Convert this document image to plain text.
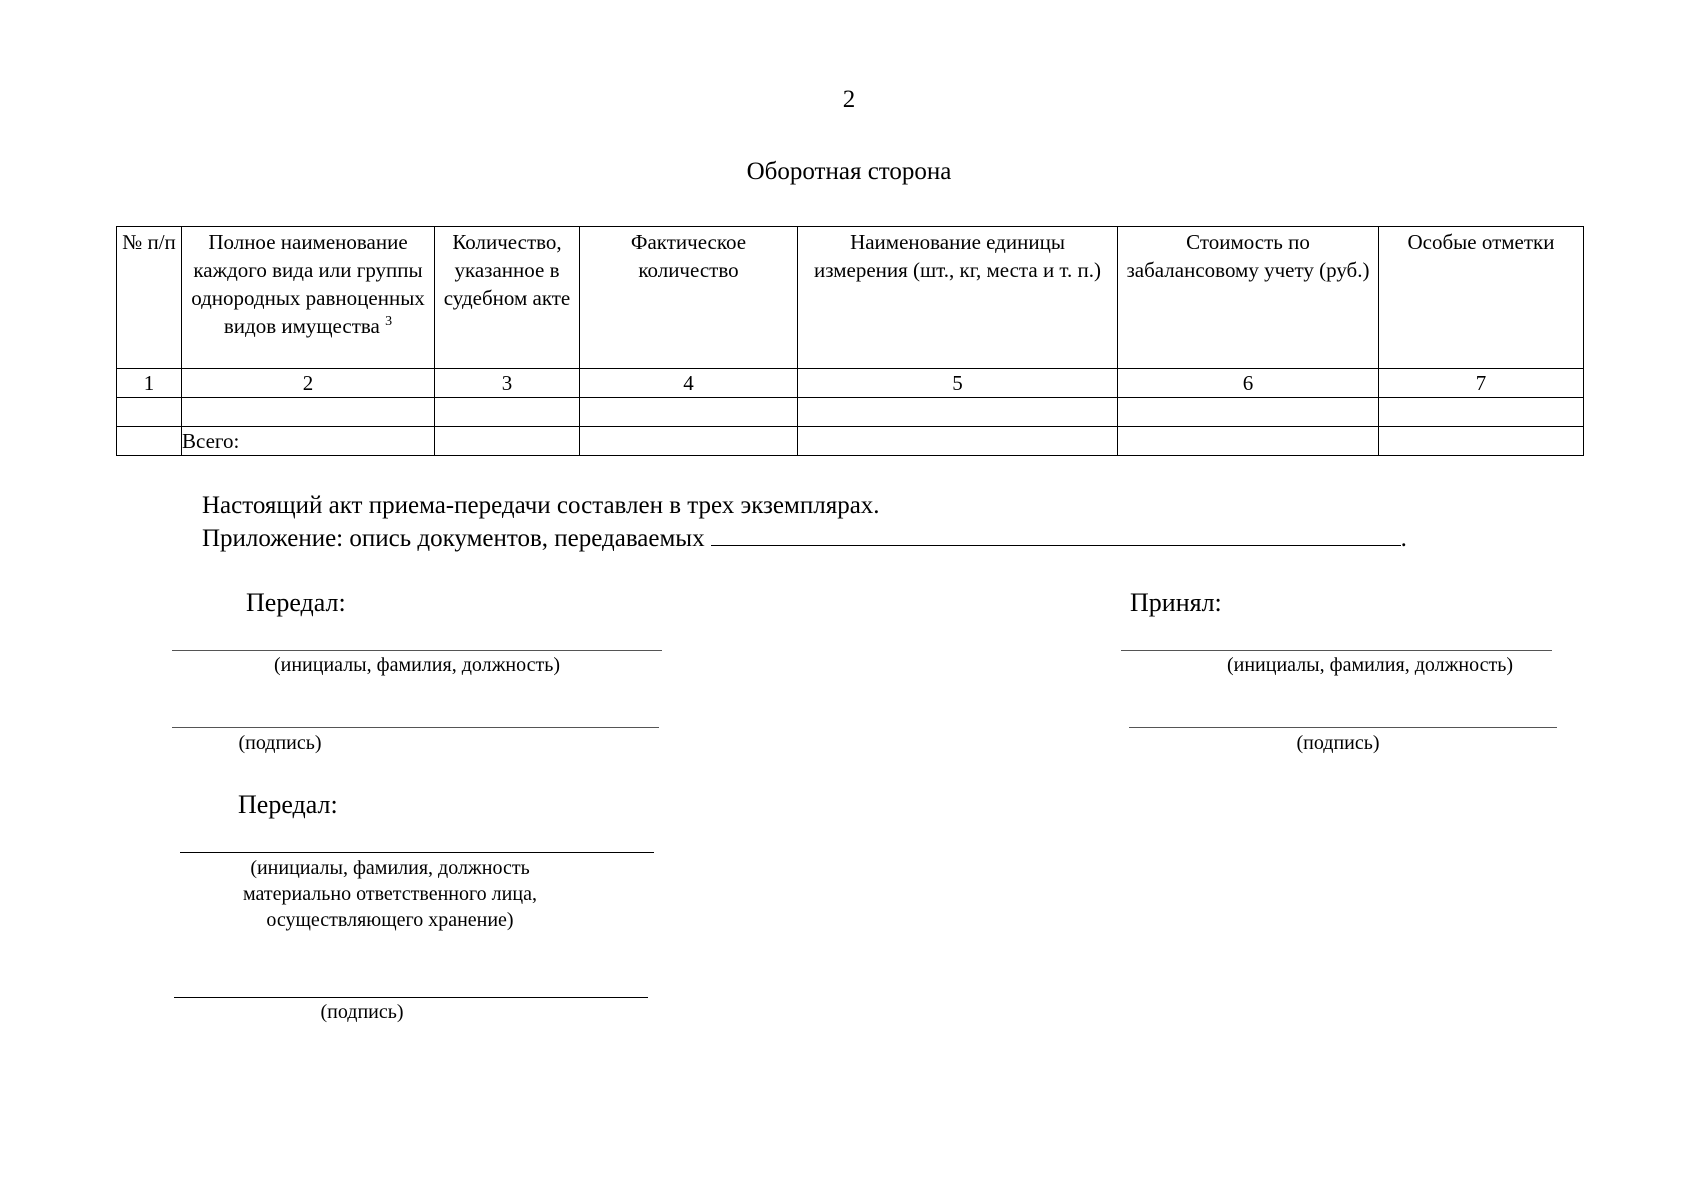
2
Оборотная сторона
№ п/п	Полное наименование каждого вида или группы однородных равноценных видов имущества $^3$	Количество, указанное в судебном акте	Фактическое количество	Наименование единицы измерения (шт., кг, места и т. п.)	Стоимость по забалансовому учету (руб.)	Особые отметки
1	2	3	4	5	6	7

	Всего:					
Настоящий акт приема-передачи составлен в трех экземплярах.
Приложение: опись документов, передаваемых	.
Передал:
(инициалы, фамилия, должность)
(подпись)
Принял:
(инициалы, фамилия, должность)
(подпись)
Передал:
(инициалы, фамилия, должность
материально ответственного лица,
осуществляющего хранение)
(подпись)
